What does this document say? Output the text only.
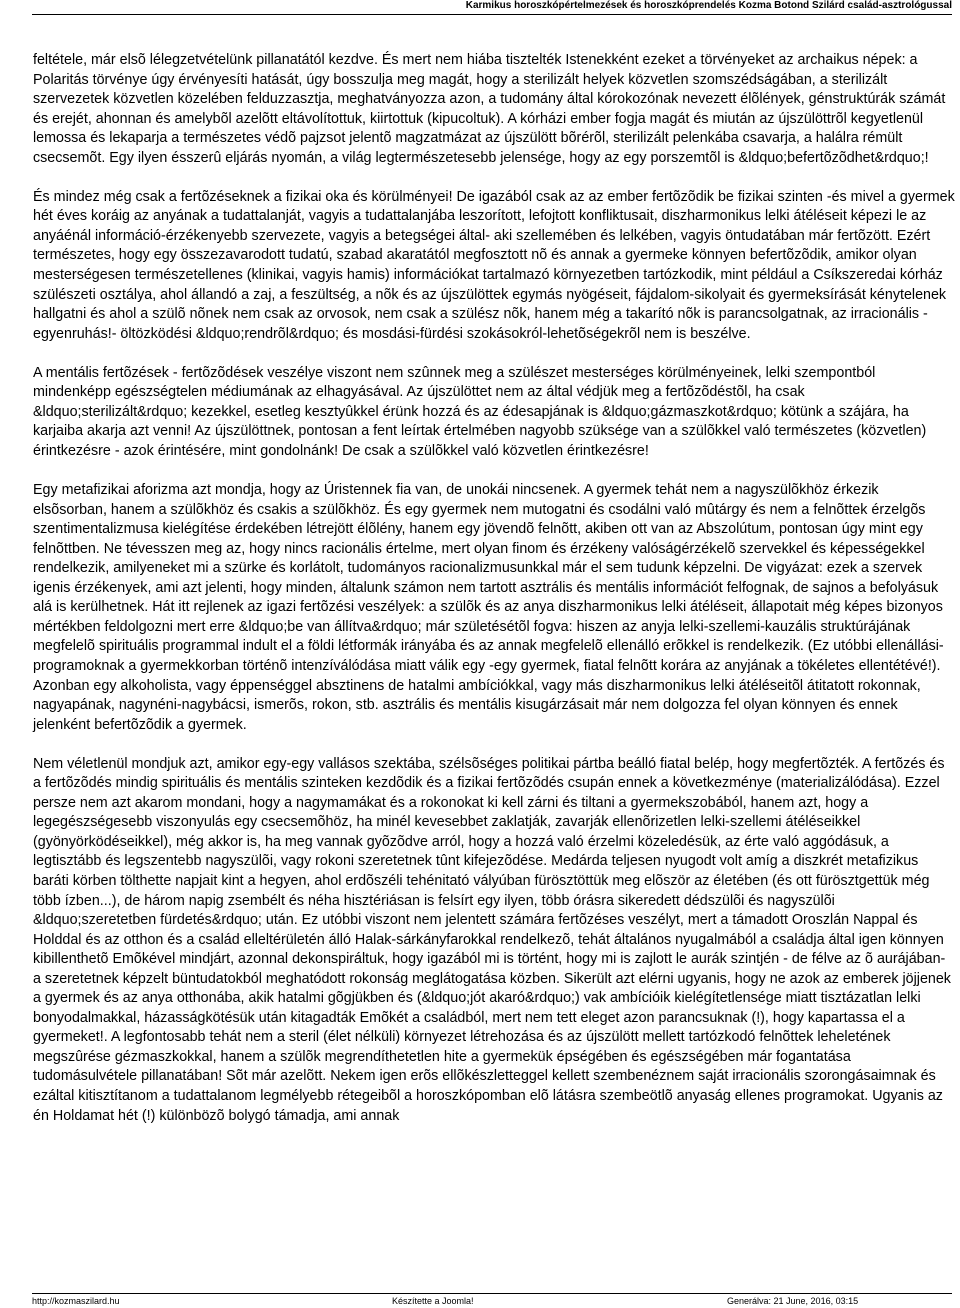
Karmikus horoszkópértelmezések és horoszkóprendelés Kozma Botond Szilárd család-asztrológussal

feltétele, már elsõ lélegzetvételünk pillanatától kezdve. És mert nem hiába tisztelték Istenekként ezeket a törvényeket az archaikus népek: a Polaritás törvénye úgy érvényesíti hatását, úgy bosszulja meg magát, hogy a sterilizált helyek közvetlen szomszédságában, a sterilizált szervezetek közvetlen közelében felduzzasztja, meghatványozza azon, a tudomány által kórokozónak nevezett élõlények, génstruktúrák számát és erejét, ahonnan és amelybõl azelõtt eltávolítottuk, kiirtottuk (kipucoltuk). A kórházi ember fogja magát és miután az újszülöttrõl kegyetlenül lemossa és lekaparja a természetes védõ pajzsot jelentõ magzatmázat az újszülött bõrérõl, sterilizált pelenkába csavarja, a halálra rémült csecsemõt. Egy ilyen ésszerû eljárás nyomán, a világ legtermészetesebb jelensége, hogy az egy porszemtõl is &ldquo;befertõzõdhet&rdquo;!

És mindez még csak a fertõzéseknek a fizikai oka és körülményei! De igazából csak az az ember fertõzõdik be fizikai szinten -és mivel a gyermek hét éves koráig az anyának a tudattalanját, vagyis a tudattalanjába leszorított, lefojtott konfliktusait, diszharmonikus lelki átéléseit képezi le az anyáénál információ-érzékenyebb szervezete, vagyis a betegségei által- aki szellemében és lelkében, vagyis öntudatában már fertõzött. Ezért természetes, hogy egy összezavarodott tudatú, szabad akaratától megfosztott nõ és annak a gyermeke könnyen befertõzõdik, amikor olyan mesterségesen természetellenes (klinikai, vagyis hamis) információkat tartalmazó környezetben tartózkodik, mint például a Csíkszeredai kórház szülészeti osztálya, ahol állandó a zaj, a feszültség, a nõk és az újszülöttek egymás nyögéseit, fájdalom-sikolyait és gyermeksírását kénytelenek hallgatni és ahol a szülõ nõnek nem csak az orvosok, nem csak a szülész nõk, hanem még a takarító nõk is parancsolgatnak, az irracionális -egyenruhás!- öltözködési &ldquo;rendrõl&rdquo; és mosdási-fürdési szokásokról-lehetõségekrõl nem is beszélve.

A mentális fertõzések - fertõzõdések veszélye viszont nem szûnnek meg a szülészet mesterséges körülményeinek, lelki szempontból mindenképp egészségtelen médiumának az elhagyásával. Az újszülöttet nem az által védjük meg a fertõzõdéstõl, ha csak &ldquo;sterilizált&rdquo; kezekkel, esetleg kesztyûkkel érünk hozzá és az édesapjának is &ldquo;gázmaszkot&rdquo; kötünk a szájára, ha karjaiba akarja azt venni! Az újszülöttnek, pontosan a fent leírtak értelmében nagyobb szüksége van a szülõkkel való természetes (közvetlen) érintkezésre - azok érintésére, mint gondolnánk! De csak a szülõkkel való közvetlen érintkezésre!

Egy metafizikai aforizma azt mondja, hogy az Úristennek fia van, de unokái nincsenek. A gyermek tehát nem a nagyszülõkhöz érkezik elsõsorban, hanem a szülõkhöz és csakis a szülõkhöz. És egy gyermek nem mutogatni és csodálni való mûtárgy és nem a felnõttek érzelgõs szentimentalizmusa kielégítése érdekében létrejött élõlény, hanem egy jövendõ felnõtt, akiben ott van az Abszolútum, pontosan úgy mint egy felnõttben. Ne tévesszen meg az, hogy nincs racionális értelme, mert olyan finom és érzékeny valóságérzékelõ szervekkel és képességekkel rendelkezik, amilyeneket mi a szürke és korlátolt, tudományos racionalizmusunkkal már el sem tudunk képzelni. De vigyázat: ezek a szervek igenis érzékenyek, ami azt jelenti, hogy minden, általunk számon nem tartott asztrális és mentális információt felfognak, de sajnos a befolyásuk alá is kerülhetnek. Hát itt rejlenek az igazi fertõzési veszélyek: a szülõk és az anya diszharmonikus lelki átéléseit, állapotait még képes bizonyos mértékben feldolgozni mert erre &ldquo;be van állítva&rdquo; már születésétõl fogva: hiszen az anyja lelki-szellemi-kauzális struktúrájának megfelelõ spirituális programmal indult el a földi létformák irányába és az annak megfelelõ ellenálló erõkkel is rendelkezik. (Ez utóbbi ellenállási-programoknak a gyermekkorban történõ intenzíválódása miatt válik egy -egy gyermek, fiatal felnõtt korára az anyjának a tökéletes ellentétévé!). Azonban egy alkoholista, vagy éppenséggel absztinens de hatalmi ambíciókkal, vagy más diszharmonikus lelki átéléseitõl átitatott rokonnak, nagyapának, nagynéni-nagybácsi, ismerõs, rokon, stb. asztrális és mentális kisugárzásait már nem dolgozza fel olyan könnyen és ennek jelenként befertõzõdik a gyermek.

Nem véletlenül mondjuk azt, amikor egy-egy vallásos szektába, szélsõséges politikai pártba beálló fiatal belép, hogy megfertõzték. A fertõzés és a fertõzõdés mindig spirituális és mentális szinteken kezdõdik és a fizikai fertõzõdés csupán ennek a következménye (materializálódása). Ezzel persze nem azt akarom mondani, hogy a nagymamákat és a rokonokat ki kell zárni és tiltani a gyermekszobából, hanem azt, hogy a legegészségesebb viszonyulás egy csecsemõhöz, ha minél kevesebbet zaklatják, zavarják ellenõrizetlen lelki-szellemi átéléseikkel (gyönyörködéseikkel), még akkor is, ha meg vannak gyõzõdve arról, hogy a hozzá való érzelmi közeledésük, az érte való aggódásuk, a legtisztább és legszentebb nagyszülõi, vagy rokoni szeretetnek tûnt kifejezõdése. Medárda teljesen nyugodt volt amíg a diszkrét metafizikus baráti körben tölthette napjait kint a hegyen, ahol erdõszéli tehénitató vályúban fürösztöttük meg elõször az életében (és ott fürösztgettük még több ízben...), de három napig zsembélt és néha hisztériásan is felsírt egy ilyen, több órásra sikeredett dédszülõi és nagyszülõi &ldquo;szeretetben fürdetés&rdquo; után. Ez utóbbi viszont nem jelentett számára fertõzéses veszélyt, mert a támadott Oroszlán Nappal és Holddal és az otthon és a család elleltérületén álló Halak-sárkányfarokkal rendelkezõ, tehát általános nyugalmából a családja által igen könnyen kibillenthetõ Emõkével mindjárt, azonnal dekonspiráltuk, hogy igazából mi is történt, hogy mi is zajlott le aurák szintjén - de félve az õ aurájában- a szeretetnek képzelt büntudatokból meghatódott rokonság meglátogatása közben. Sikerült azt elérni ugyanis, hogy ne azok az emberek jöjjenek a gyermek és az anya otthonába, akik hatalmi gõgjükben és (&ldquo;jót akaró&rdquo;) vak ambícióik kielégítetlensége miatt tisztázatlan lelki bonyodalmakkal, házasságkötésük után kitagadták Emõkét a családból, mert nem tett eleget azon parancsuknak (!), hogy kapartassa el a gyermeket!. A legfontosabb tehát nem a steril (élet nélküli) környezet létrehozása és az újszülött mellett tartózkodó felnõttek leheletének megszûrése gézmaszkokkal, hanem a szülõk megrendíthetetlen hite a gyermekük épségében és egészségében már fogantatása tudomásulvétele pillanatában! Sõt már azelõtt. Nekem igen erõs ellõkészletteggel kellett szembenéznem saját irracionális szorongásaimnak és ezáltal kitisztítanom a tudattalanom legmélyebb rétegeibõl a horoszkópomban elõ látásra szembeötlõ anyaság ellenes programokat. Ugyanis az én Holdamat hét (!) különbözõ bolygó támadja, ami annak

http://kozmaszilard.hu	Készítette a Joomla!	Generálva: 21 June, 2016, 03:15
